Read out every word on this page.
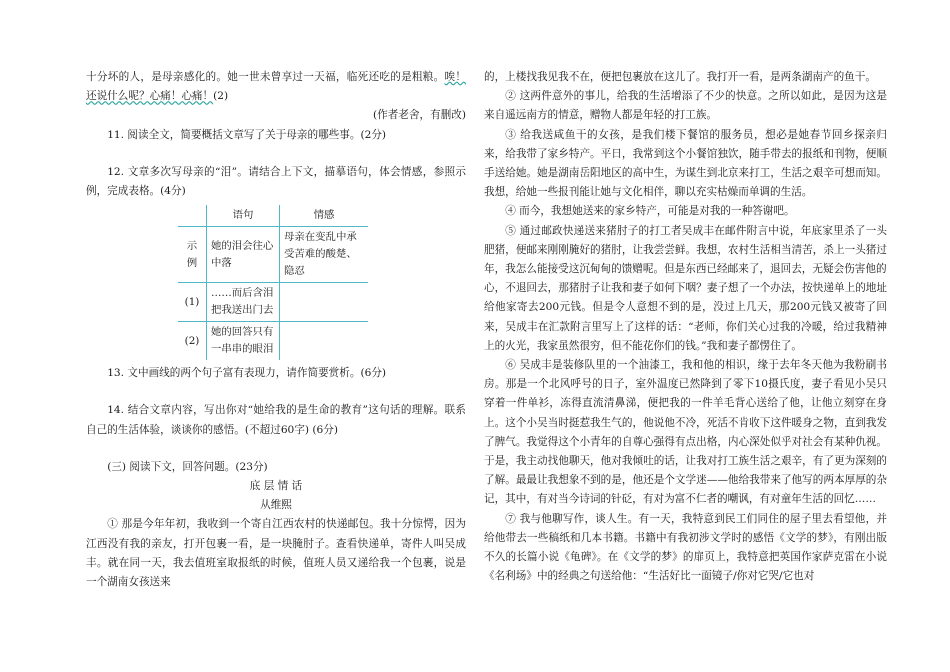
十分坏的人，是母亲感化的。她一世未曾享过一天福，临死还吃的是粗粮。唉！还说什么呢？心痛！心痛！(2)

(作者老舍，有删改)

11. 阅读全文，简要概括文章写了关于母亲的哪些事。(2分)

12. 文章多次写母亲的“泪”。请结合上下文，描摹语句，体会情感，参照示例，完成表格。(4分)

	语句	情感
示例	她的泪会往心中落	母亲在变乱中承受苦难的酸楚、隐忍
(1)	……而后含泪把我送出门去	
(2)	她的回答只有一串串的眼泪	

13. 文中画线的两个句子富有表现力，请作简要赏析。(6分)

14. 结合文章内容，写出你对“她给我的是生命的教育”这句话的理解。联系自己的生活体验，谈谈你的感悟。(不超过60字) (6分)

(三) 阅读下文，回答问题。(23分)

底 层 情 话

从维熙

① 那是今年年初，我收到一个寄自江西农村的快递邮包。我十分惊愕，因为江西没有我的亲友，打开包裹一看，是一块腌肘子。查看快递单，寄件人叫吴成丰。就在同一天，我去值班室取报纸的时候，值班人员又递给我一个包裹，说是一个湖南女孩送来

的，上楼找我见我不在，便把包裹放在这儿了。我打开一看，是两条湖南产的鱼干。

② 这两件意外的事儿，给我的生活增添了不少的快意。之所以如此，是因为这是来自遥远南方的情意，赠物人都是年轻的打工族。

③ 给我送咸鱼干的女孩，是我们楼下餐馆的服务员，想必是她春节回乡探亲归来，给我带了家乡特产。平日，我常到这个小餐馆独饮，随手带去的报纸和刊物，便顺手送给她。她是湖南岳阳地区的高中生，为谋生到北京来打工，生活之艰辛可想而知。我想，给她一些报刊能让她与文化相伴，聊以充实枯燥而单调的生活。

④ 而今，我想她送来的家乡特产，可能是对我的一种答谢吧。

⑤ 通过邮政快递送来猪肘子的打工者吴成丰在邮件附言中说，年底家里杀了一头肥猪，便邮来刚刚腌好的猪肘，让我尝尝鲜。我想，农村生活相当清苦，杀上一头猪过年，我怎么能接受这沉甸甸的馈赠呢。但是东西已经邮来了，退回去，无疑会伤害他的

心，不退回去，那猪肘子让我和妻子如何下咽？妻子想了一个办法，按快递单上的地址给他家寄去200元钱。但是令人意想不到的是，没过上几天，那200元钱又被寄了回来，吴成丰在汇款附言里写上了这样的话：“老师，你们关心过我的冷暖，给过我精神上的火光，我家虽然很穷，但不能花你们的钱。”我和妻子都愣住了。

⑥ 吴成丰是装修队里的一个油漆工，我和他的相识，缘于去年冬天他为我粉刷书房。那是一个北风呼号的日子，室外温度已然降到了零下10摄氏度，妻子看见小吴只穿着一件单衫，冻得直流清鼻涕，便把我的一件羊毛背心送给了他，让他立刻穿在身上。这个小吴当时挺惹我生气的，他说他不冷，死活不肯收下这件暖身之物，直到我发了脾气。我觉得这个小青年的自尊心强得有点出格，内心深处似乎对社会有某种仇视。于是，我主动找他聊天，他对我倾吐的话，让我对打工族生活之艰辛，有了更为深刻的了解。最最让我想象不到的是，他还是个文学迷——他给我带来了他写的两本厚厚的杂记，其中，有对当今诗词的针砭，有对为富不仁者的嘲讽，有对童年生活的回忆……

⑦ 我与他聊写作，谈人生。有一天，我特意到民工们同住的屋子里去看望他，并给他带去一些稿纸和几本书籍。书籍中有我初涉文学时的感悟《文学的梦》，有刚出版不久的长篇小说《龟碑》。在《文学的梦》的扉页上，我特意把英国作家萨克雷在小说《名利场》中的经典之句送给他：“生活好比一面镜子/你对它哭/它也对
